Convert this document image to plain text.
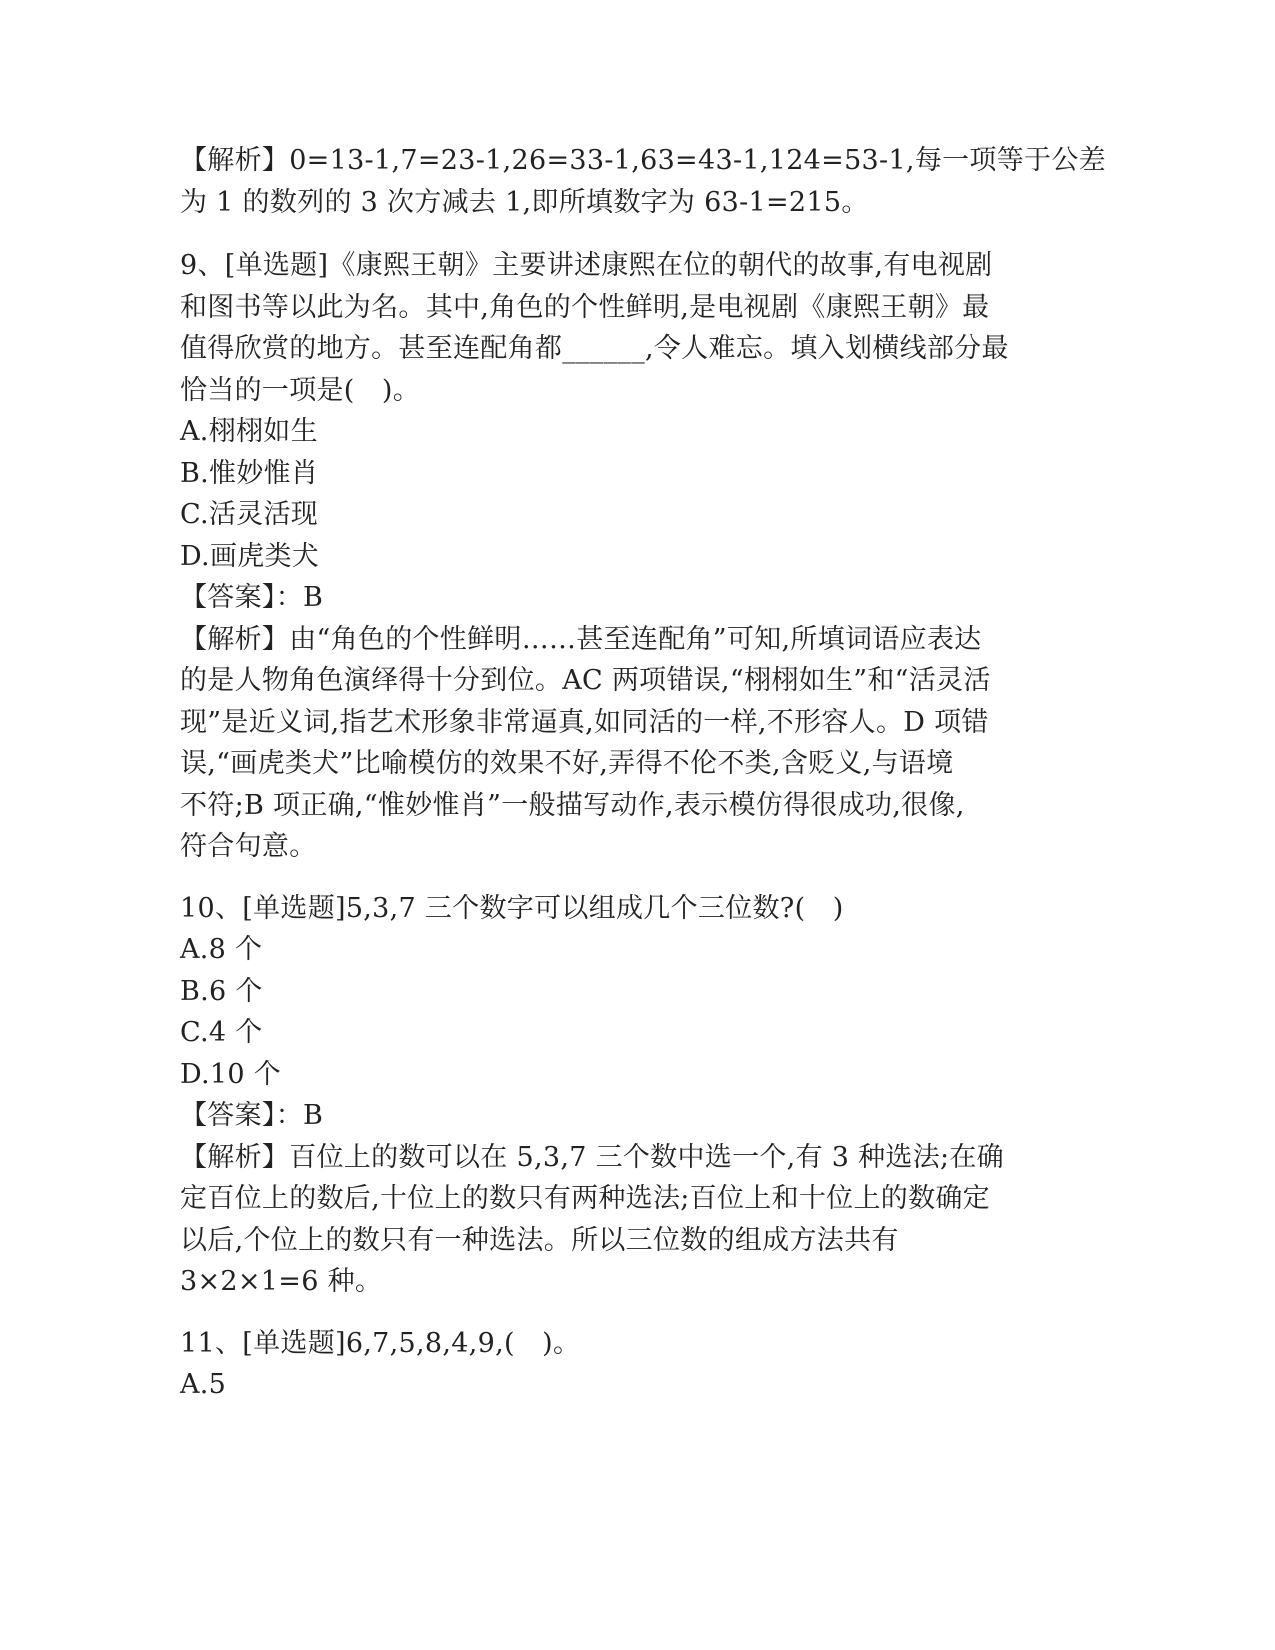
【解析】0=13-1,7=23-1,26=33-1,63=43-1,124=53-1,每一项等于公差
为 1 的数列的 3 次方减去 1,即所填数字为 63-1=215。
9、[单选题]《康熙王朝》主要讲述康熙在位的朝代的故事,有电视剧
和图书等以此为名。其中,角色的个性鲜明,是电视剧《康熙王朝》最
值得欣赏的地方。甚至连配角都______,令人难忘。填入划横线部分最
恰当的一项是(　)。
A.栩栩如生
B.惟妙惟肖
C.活灵活现
D.画虎类犬
【答案】：B
【解析】由“角色的个性鲜明……甚至连配角”可知,所填词语应表达
的是人物角色演绎得十分到位。AC 两项错误,“栩栩如生”和“活灵活
现”是近义词,指艺术形象非常逼真,如同活的一样,不形容人。D 项错
误,“画虎类犬”比喻模仿的效果不好,弄得不伦不类,含贬义,与语境
不符;B 项正确,“惟妙惟肖”一般描写动作,表示模仿得很成功,很像,
符合句意。
10、[单选题]5,3,7 三个数字可以组成几个三位数?(　)
A.8 个
B.6 个
C.4 个
D.10 个
【答案】：B
【解析】百位上的数可以在 5,3,7 三个数中选一个,有 3 种选法;在确
定百位上的数后,十位上的数只有两种选法;百位上和十位上的数确定
以后,个位上的数只有一种选法。所以三位数的组成方法共有
3×2×1=6 种。
11、[单选题]6,7,5,8,4,9,(　)。
A.5
